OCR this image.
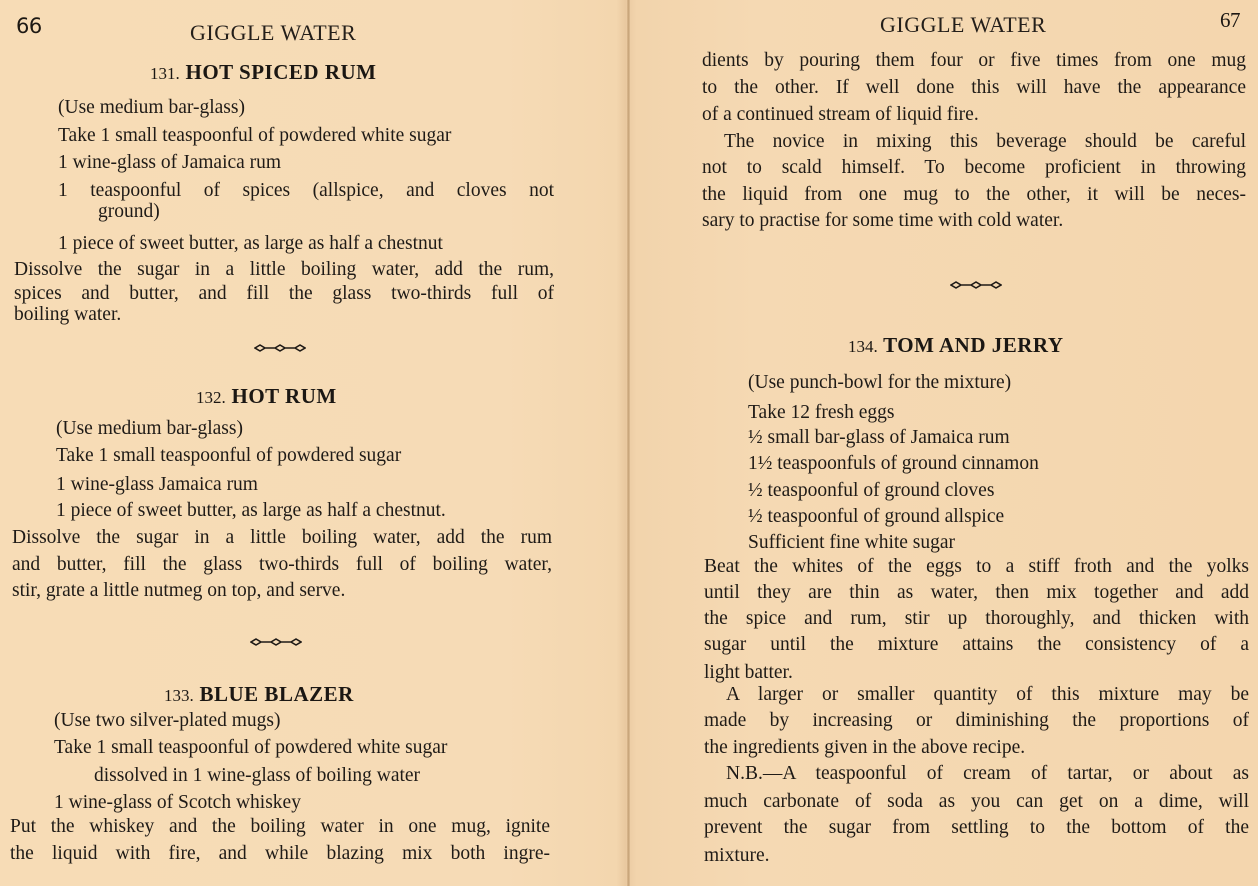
66	GIGGLE WATER
131. HOT SPICED RUM
(Use medium bar-glass)
Take 1 small teaspoonful of powdered white sugar
1 wine-glass of Jamaica rum
1 teaspoonful of spices (allspice, and cloves not
ground)
1 piece of sweet butter, as large as half a chestnut
Dissolve the sugar in a little boiling water, add the rum,
spices and butter, and fill the glass two-thirds full of
boiling water.
132. HOT RUM
(Use medium bar-glass)
Take 1 small teaspoonful of powdered sugar
1 wine-glass Jamaica rum
1 piece of sweet butter, as large as half a chestnut.
Dissolve the sugar in a little boiling water, add the rum
and butter, fill the glass two-thirds full of boiling water,
stir, grate a little nutmeg on top, and serve.
133. BLUE BLAZER
(Use two silver-plated mugs)
Take 1 small teaspoonful of powdered white sugar
dissolved in 1 wine-glass of boiling water
1 wine-glass of Scotch whiskey
Put the whiskey and the boiling water in one mug, ignite
the liquid with fire, and while blazing mix both ingre-
GIGGLE WATER	67
dients by pouring them four or five times from one mug
to the other. If well done this will have the appearance
of a continued stream of liquid fire.
The novice in mixing this beverage should be careful
not to scald himself. To become proficient in throwing
the liquid from one mug to the other, it will be neces-
sary to practise for some time with cold water.
134. TOM AND JERRY
(Use punch-bowl for the mixture)
Take 12 fresh eggs
½ small bar-glass of Jamaica rum
1½ teaspoonfuls of ground cinnamon
½ teaspoonful of ground cloves
½ teaspoonful of ground allspice
Sufficient fine white sugar
Beat the whites of the eggs to a stiff froth and the yolks
until they are thin as water, then mix together and add
the spice and rum, stir up thoroughly, and thicken with
sugar until the mixture attains the consistency of a
light batter.
A larger or smaller quantity of this mixture may be
made by increasing or diminishing the proportions of
the ingredients given in the above recipe.
N.B.—A teaspoonful of cream of tartar, or about as
much carbonate of soda as you can get on a dime, will
prevent the sugar from settling to the bottom of the
mixture.
